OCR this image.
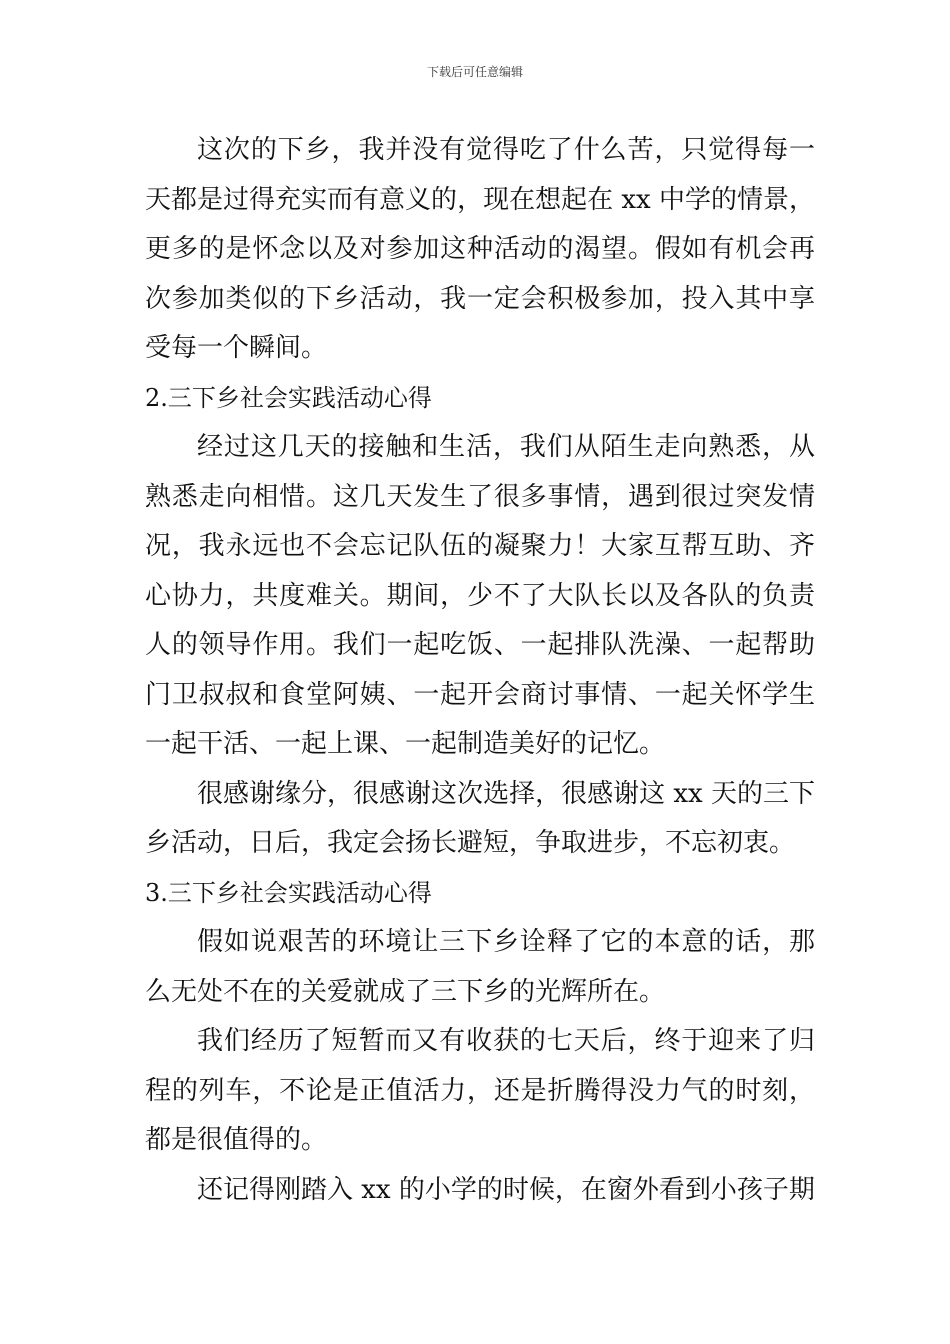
下载后可任意编辑

这次的下乡，我并没有觉得吃了什么苦，只觉得每一天都是过得充实而有意义的，现在想起在 xx 中学的情景，更多的是怀念以及对参加这种活动的渴望。假如有机会再次参加类似的下乡活动，我一定会积极参加，投入其中享受每一个瞬间。

2.三下乡社会实践活动心得

经过这几天的接触和生活，我们从陌生走向熟悉，从熟悉走向相惜。这几天发生了很多事情，遇到很过突发情况，我永远也不会忘记队伍的凝聚力！大家互帮互助、齐心协力，共度难关。期间，少不了大队长以及各队的负责人的领导作用。我们一起吃饭、一起排队洗澡、一起帮助门卫叔叔和食堂阿姨、一起开会商讨事情、一起关怀学生一起干活、一起上课、一起制造美好的记忆。

很感谢缘分，很感谢这次选择，很感谢这 xx 天的三下乡活动，日后，我定会扬长避短，争取进步，不忘初衷。

3.三下乡社会实践活动心得

假如说艰苦的环境让三下乡诠释了它的本意的话，那么无处不在的关爱就成了三下乡的光辉所在。

我们经历了短暂而又有收获的七天后，终于迎来了归程的列车，不论是正值活力，还是折腾得没力气的时刻，都是很值得的。

还记得刚踏入 xx 的小学的时候，在窗外看到小孩子期
